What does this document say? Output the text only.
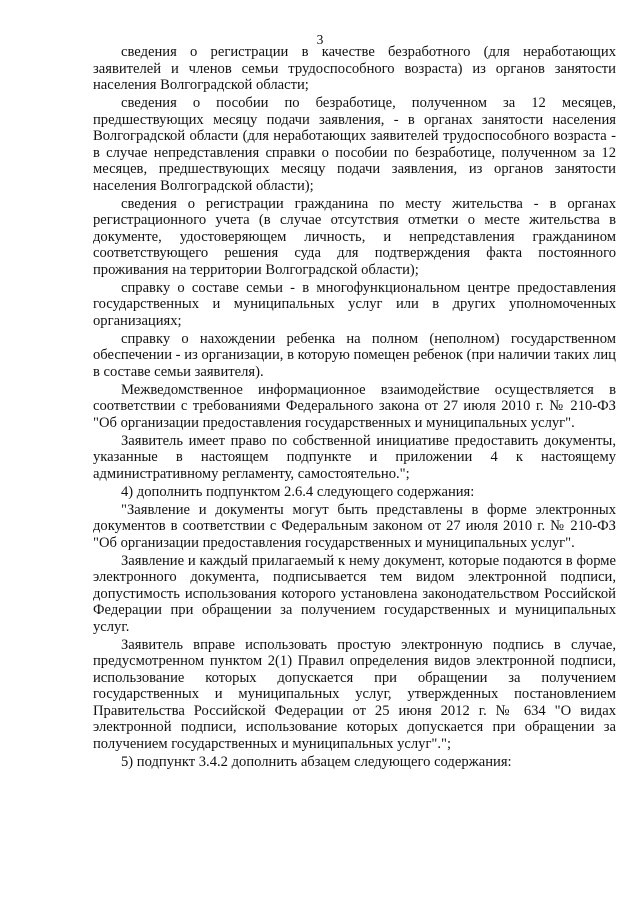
3

сведения о регистрации в качестве безработного (для неработающих заявителей и членов семьи трудоспособного возраста) из органов занятости населения Волгоградской области;

сведения о пособии по безработице, полученном за 12 месяцев, предшествующих месяцу подачи заявления, - в органах занятости населения Волгоградской области (для неработающих заявителей трудоспособного возраста - в случае непредставления справки о пособии по безработице, полученном за 12 месяцев, предшествующих месяцу подачи заявления, из органов занятости населения Волгоградской области);

сведения о регистрации гражданина по месту жительства - в органах регистрационного учета (в случае отсутствия отметки о месте жительства в документе, удостоверяющем личность, и непредставления гражданином соответствующего решения суда для подтверждения факта постоянного проживания на территории Волгоградской области);

справку о составе семьи - в многофункциональном центре предоставления государственных и муниципальных услуг или в других уполномоченных организациях;

справку о нахождении ребенка на полном (неполном) государственном обеспечении - из организации, в которую помещен ребенок (при наличии таких лиц в составе семьи заявителя).

Межведомственное информационное взаимодействие осуществляется в соответствии с требованиями Федерального закона от 27 июля 2010 г. № 210-ФЗ "Об организации предоставления государственных и муниципальных услуг".

Заявитель имеет право по собственной инициативе предоставить документы, указанные в настоящем подпункте и приложении 4 к настоящему административному регламенту, самостоятельно.";

4) дополнить подпунктом 2.6.4 следующего содержания:

"Заявление и документы могут быть представлены в форме электронных документов в соответствии с Федеральным законом от 27 июля 2010 г. № 210-ФЗ "Об организации предоставления государственных и муниципальных услуг".

Заявление и каждый прилагаемый к нему документ, которые подаются в форме электронного документа, подписывается тем видом электронной подписи, допустимость использования которого установлена законодательством Российской Федерации при обращении за получением государственных и муниципальных услуг.

Заявитель вправе использовать простую электронную подпись в случае, предусмотренном пунктом 2(1) Правил определения видов электронной подписи, использование которых допускается при обращении за получением государственных и муниципальных услуг, утвержденных постановлением Правительства Российской Федерации от 25 июня 2012 г. № 634 "О видах электронной подписи, использование которых допускается при обращении за получением государственных и муниципальных услуг".";

5) подпункт 3.4.2 дополнить абзацем следующего содержания:
